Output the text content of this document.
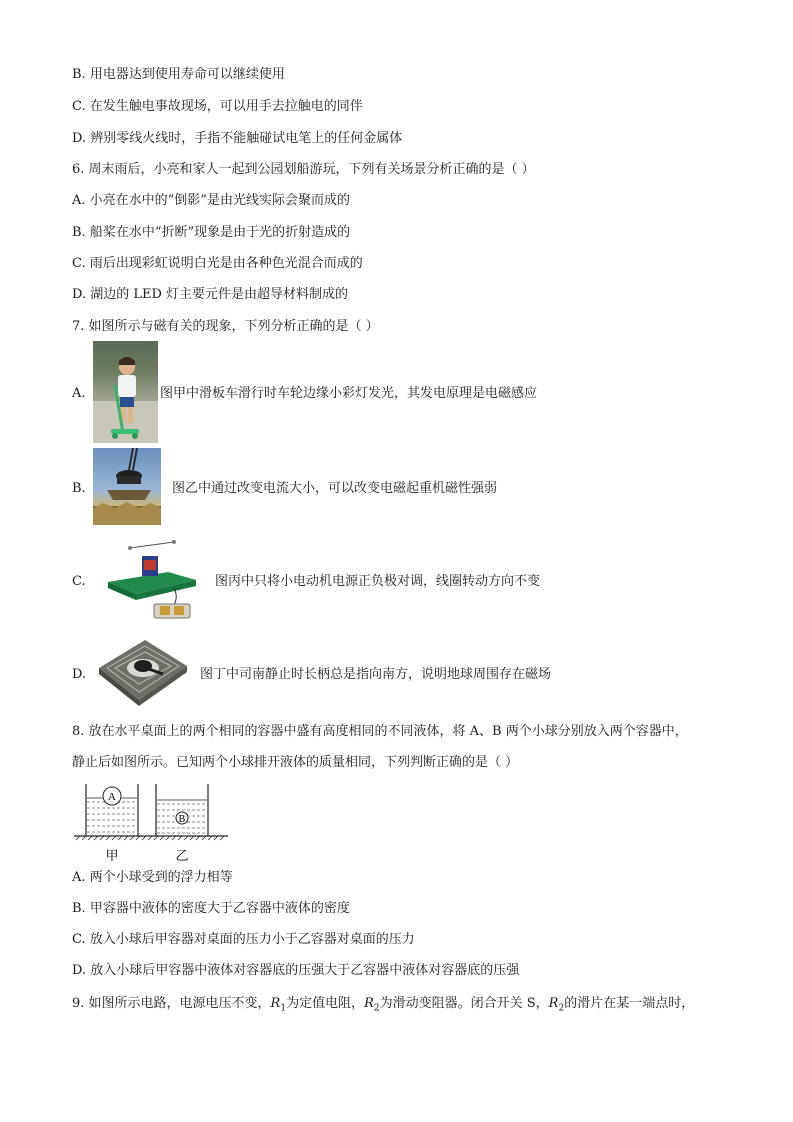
B. 用电器达到使用寿命可以继续使用
C. 在发生触电事故现场，可以用手去拉触电的同伴
D. 辨别零线火线时，手指不能触碰试电笔上的任何金属体
6. 周末雨后，小亮和家人一起到公园划船游玩，下列有关场景分析正确的是（ ）
A. 小亮在水中的“倒影”是由光线实际会聚而成的
B. 船桨在水中“折断”现象是由于光的折射造成的
C. 雨后出现彩虹说明白光是由各种色光混合而成的
D. 湖边的 LED 灯主要元件是由超导材料制成的
7. 如图所示与磁有关的现象，下列分析正确的是（ ）
A.	图甲中滑板车滑行时车轮边缘小彩灯发光，其发电原理是电磁感应
B.	图乙中通过改变电流大小，可以改变电磁起重机磁性强弱
C.	图丙中只将小电动机电源正负极对调，线圈转动方向不变
D.	图丁中司南静止时长柄总是指向南方，说明地球周围存在磁场
8. 放在水平桌面上的两个相同的容器中盛有高度相同的不同液体，将 A、B 两个小球分别放入两个容器中，
静止后如图所示。已知两个小球排开液体的质量相同，下列判断正确的是（ ）
A
B
甲	乙
A. 两个小球受到的浮力相等
B. 甲容器中液体的密度大于乙容器中液体的密度
C. 放入小球后甲容器对桌面的压力小于乙容器对桌面的压力
D. 放入小球后甲容器中液体对容器底的压强大于乙容器中液体对容器底的压强
9. 如图所示电路，电源电压不变，$R_1$为定值电阻，$R_2$为滑动变阻器。闭合开关 S，$R_2$的滑片在某一端点时，
